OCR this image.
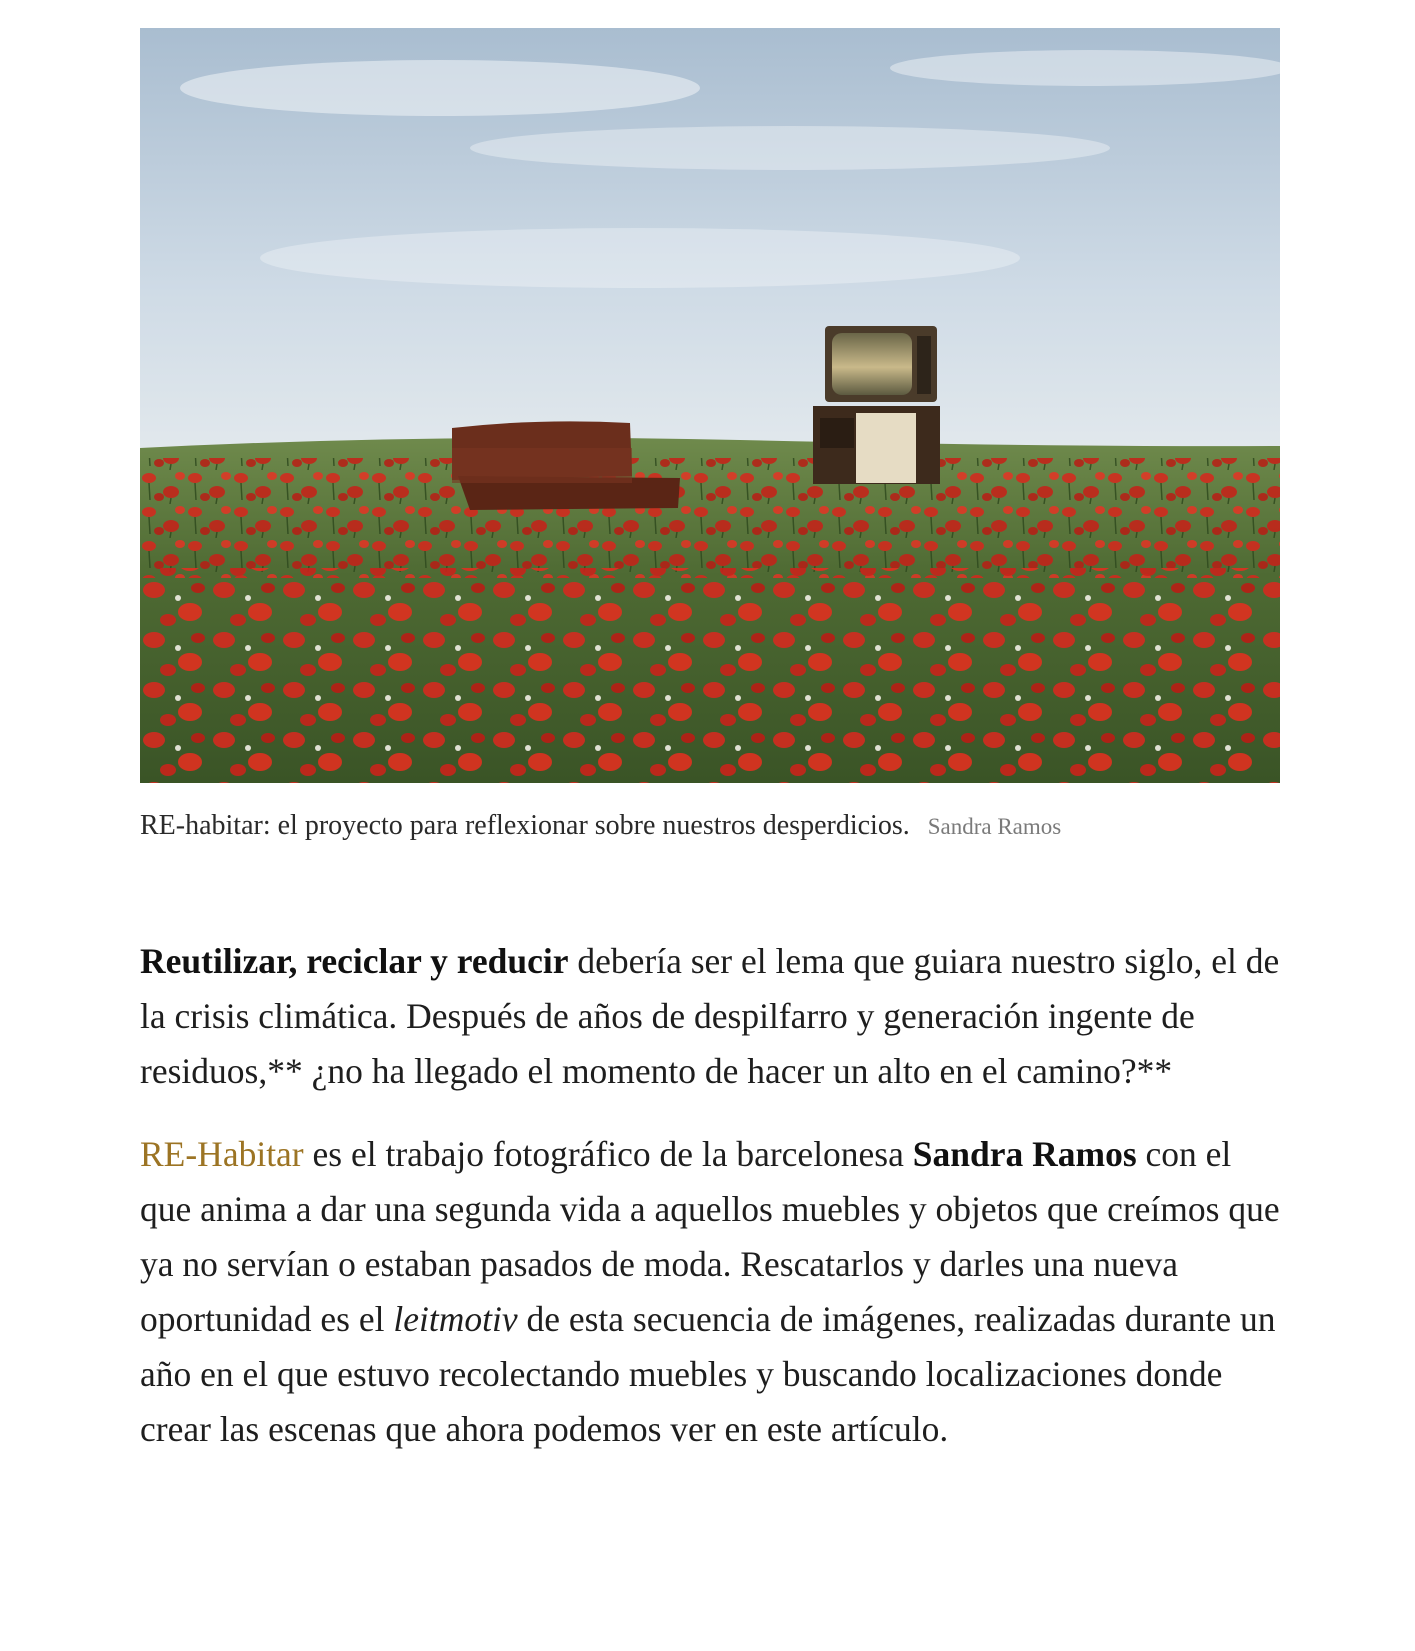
RE-habitar: el proyecto para reflexionar sobre nuestros desperdicios. Sandra Ramos

Reutilizar, reciclar y reducir debería ser el lema que guiara nuestro siglo, el de la crisis climática. Después de años de despilfarro y generación ingente de residuos,** ¿no ha llegado el momento de hacer un alto en el camino?**

RE-Habitar es el trabajo fotográfico de la barcelonesa Sandra Ramos con el que anima a dar una segunda vida a aquellos muebles y objetos que creímos que ya no servían o estaban pasados de moda. Rescatarlos y darles una nueva oportunidad es el leitmotiv de esta secuencia de imágenes, realizadas durante un año en el que estuvo recolectando muebles y buscando localizaciones donde crear las escenas que ahora podemos ver en este artículo.
